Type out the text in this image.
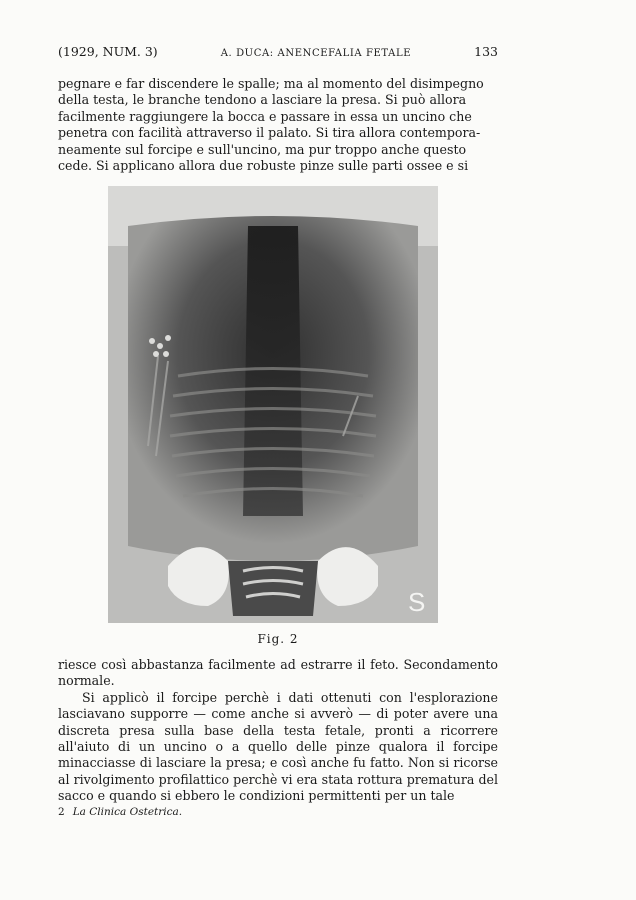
(1929, NUM. 3)	A. DUCA: ANENCEFALIA FETALE	133

pegnare e far discendere le spalle; ma al momento del disimpegno

della testa, le branche tendono a lasciare la presa. Si può allora

facilmente raggiungere la bocca e passare in essa un uncino che

penetra con facilità attraverso il palato. Si tira allora contempora-

neamente sul forcipe e sull'uncino, ma pur troppo anche questo

cede. Si applicano allora due robuste pinze sulle parti ossee e si

S
Fig. 2

riesce così abbastanza facilmente ad estrarre il feto. Secondamento normale.

Si applicò il forcipe perchè i dati ottenuti con l'esplorazione lasciavano supporre — come anche si avverò — di poter avere una discreta presa sulla base della testa fetale, pronti a ricorrere all'aiuto di un uncino o a quello delle pinze qualora il forcipe minacciasse di lasciare la presa; e così anche fu fatto. Non si ricorse al rivolgimento profilattico perchè vi era stata rottura prematura del sacco e quando si ebbero le condizioni permittenti per un tale

2 La Clinica Ostetrica.
